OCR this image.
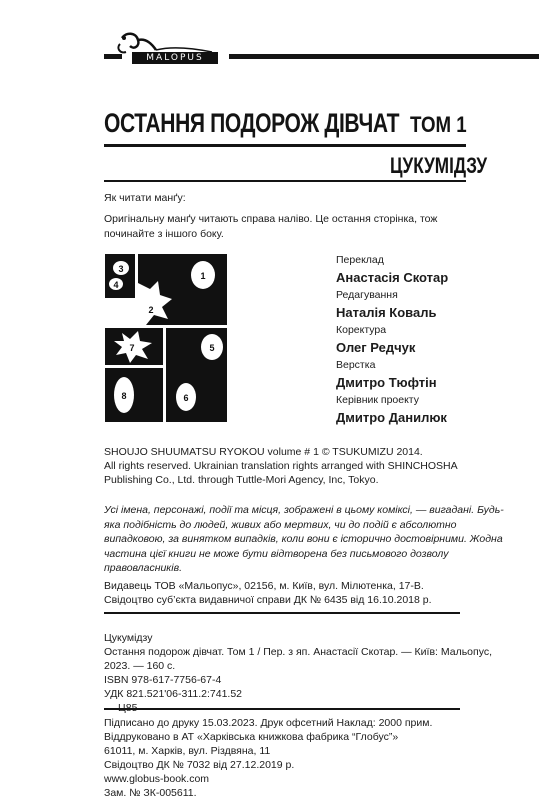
MALOPUS
ОСТАННЯ ПОДОРОЖ ДІВЧАТ ТОМ 1
ЦУКУМІДЗУ
Як читати манґу:
Оригінальну манґу читають справа наліво. Це остання сторінка, тож починайте з іншого боку.
1
2
3
4
5
6
7
8
Переклад
Анастасія Скотар
Редагування
Наталія Коваль
Коректура
Олег Редчук
Верстка
Дмитро Тюфтін
Керівник проекту
Дмитро Данилюк
SHOUJO SHUUMATSU RYOKOU volume # 1 © TSUKUMIZU 2014.
All rights reserved. Ukrainian translation rights arranged with SHINCHOSHA
Publishing Co., Ltd. through Tuttle-Mori Agency, Inc, Tokyo.
Усі імена, персонажі, події та місця, зображені в цьому коміксі, — вигадані. Будь-яка подібність до людей, живих або мертвих, чи до подій є абсолютно випадковою, за винятком випадків, коли вони є історично достовірними. Жодна частина цієї книги не може бути відтворена без письмового дозволу правовласників.
Видавець ТОВ «Мальопус», 02156, м. Київ, вул. Мілютенка, 17-В.
Свідоцтво суб’єкта видавничої справи ДК № 6435 від 16.10.2018 р.
Цукумідзу
Остання подорож дівчат. Том 1 / Пер. з яп. Анастасії Скотар. — Київ: Мальопус, 2023. — 160 с.
ISBN 978-617-7756-67-4
УДК 821.521'06-311.2:741.52
Підписано до друку 15.03.2023. Друк офсетний Наклад: 2000 прим.
Віддруковано в АТ «Харківська книжкова фабрика “Глобус”»
61011, м. Харків, вул. Різдвяна, 11
Свідоцтво ДК № 7032 від 27.12.2019 р.
www.globus-book.com
Зам. № ЗК-005611.
